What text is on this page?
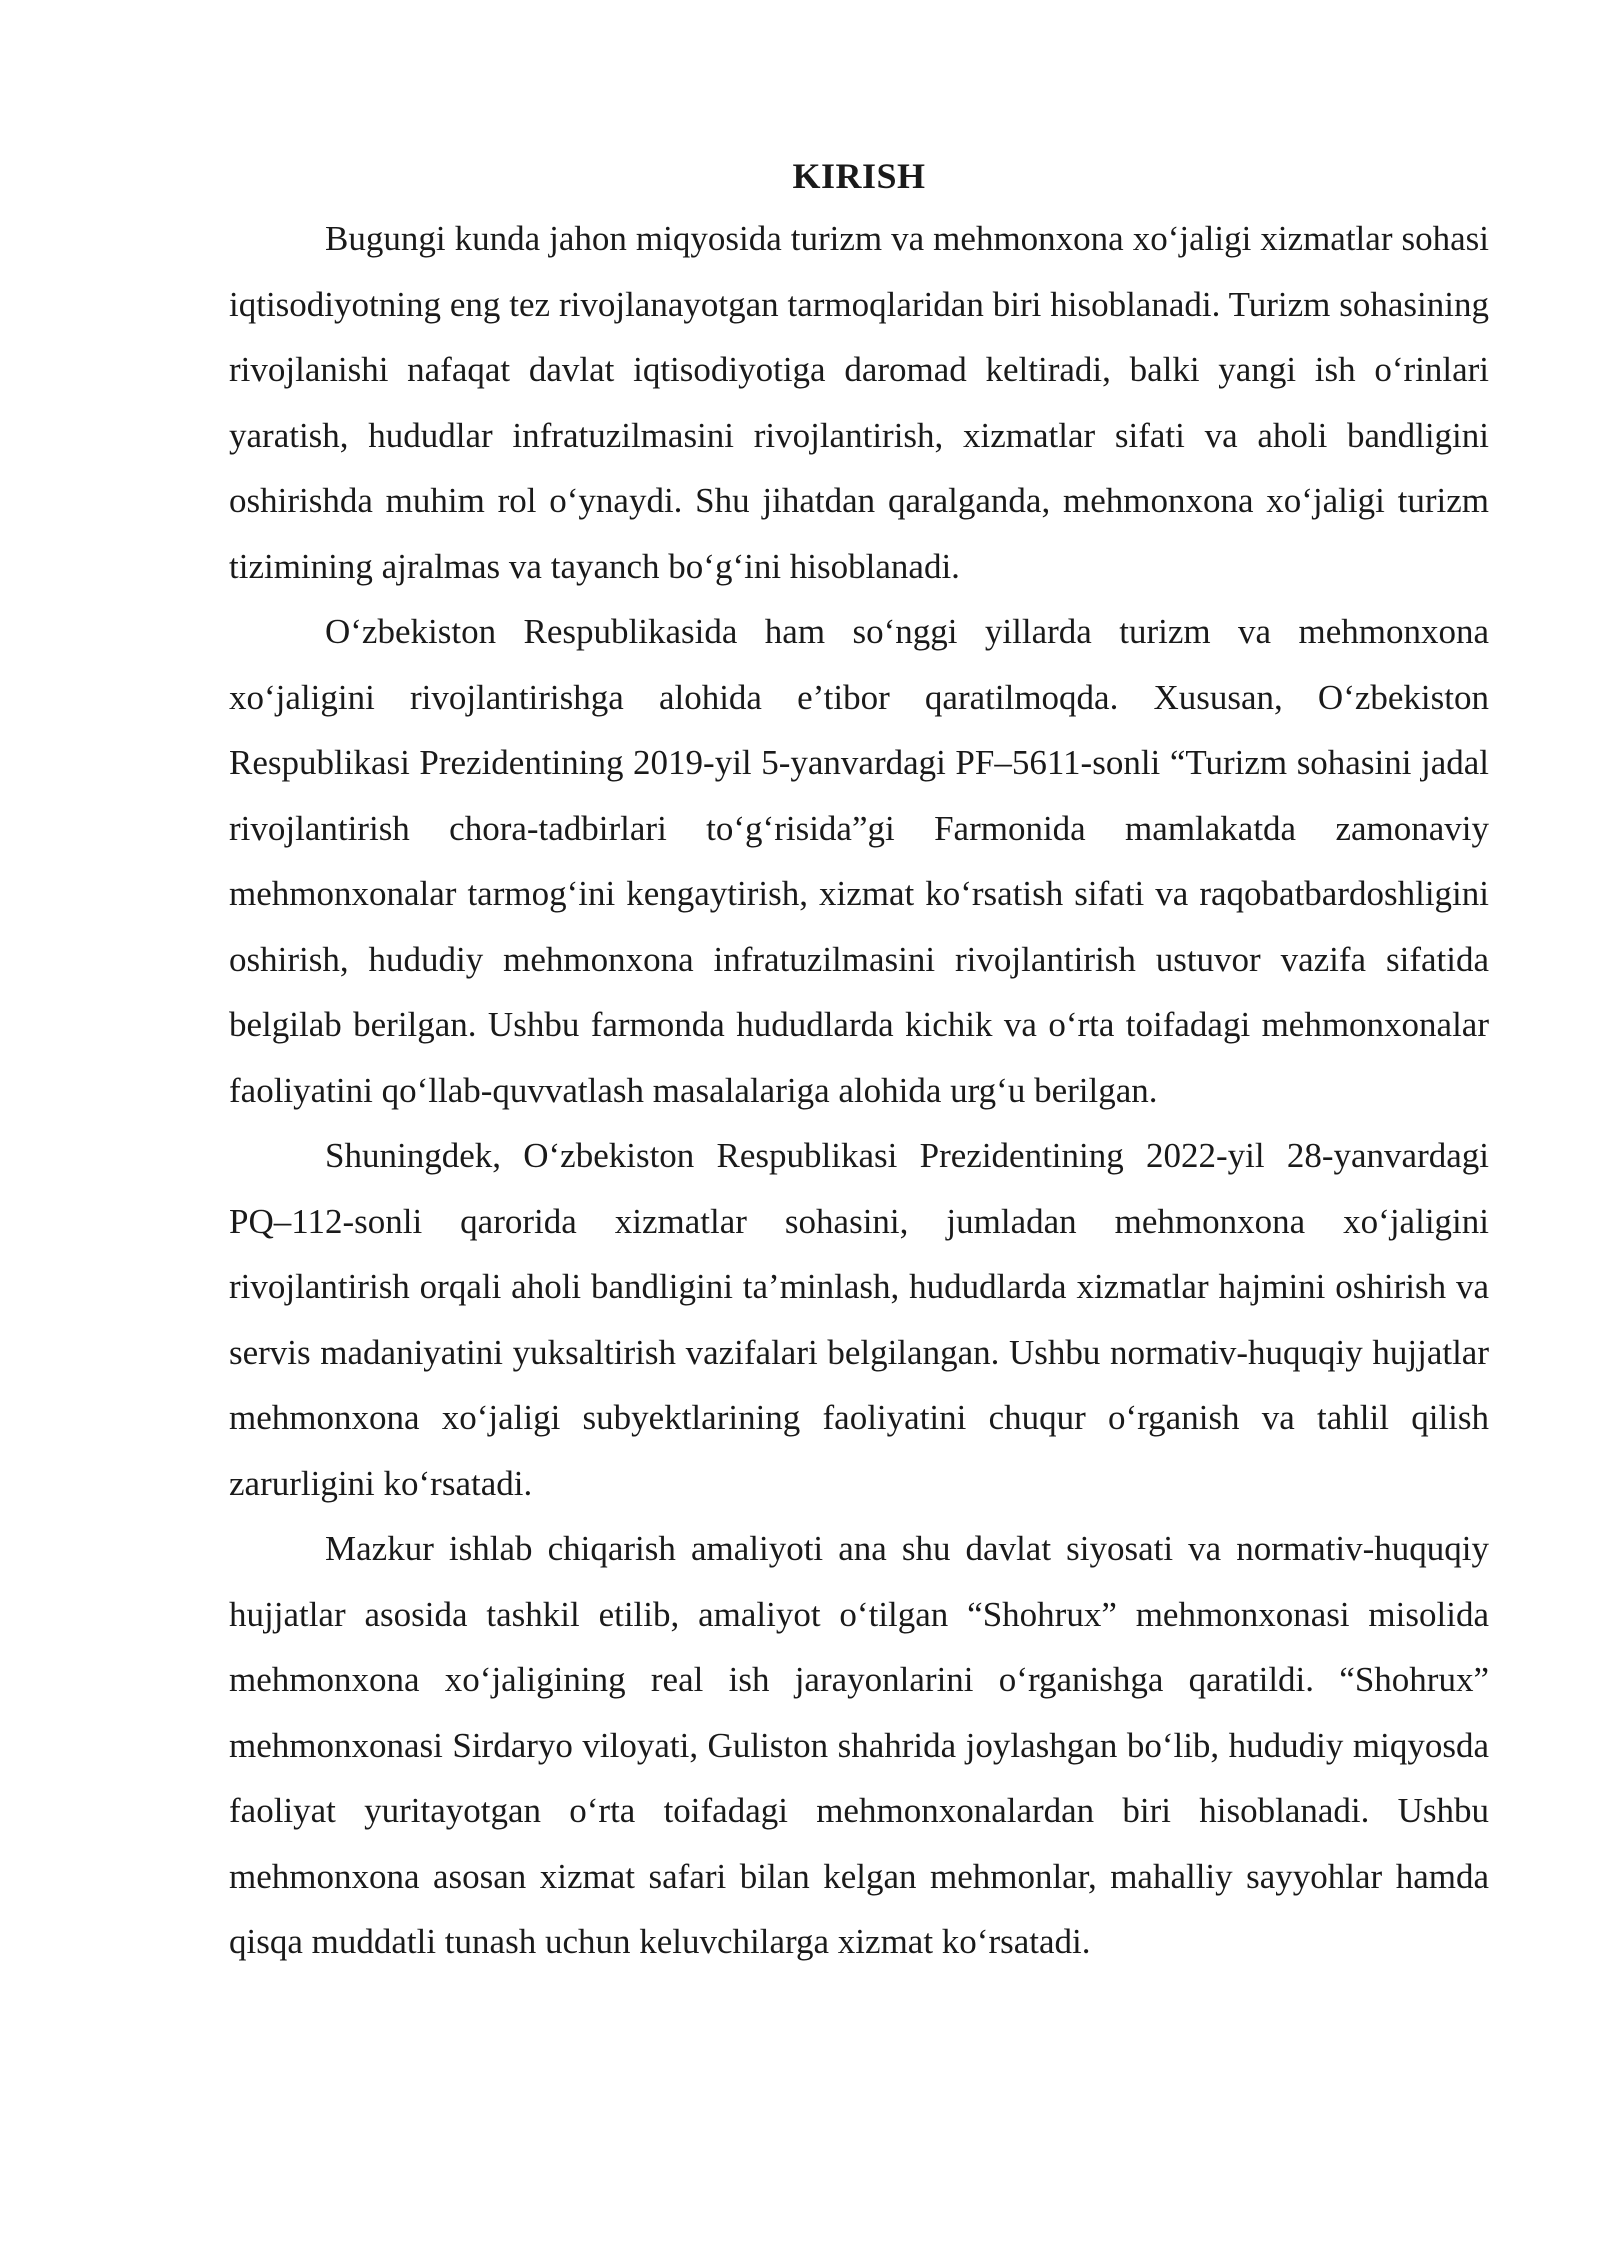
KIRISH

Bugungi kunda jahon miqyosida turizm va mehmonxona xo‘jaligi xizmatlar sohasi iqtisodiyotning eng tez rivojlanayotgan tarmoqlaridan biri hisoblanadi. Turizm sohasining rivojlanishi nafaqat davlat iqtisodiyotiga daromad keltiradi, balki yangi ish o‘rinlari yaratish, hududlar infratuzilmasini rivojlantirish, xizmatlar sifati va aholi bandligini oshirishda muhim rol o‘ynaydi. Shu jihatdan qaralganda, mehmonxona xo‘jaligi turizm tizimining ajralmas va tayanch bo‘g‘ini hisoblanadi.

O‘zbekiston Respublikasida ham so‘nggi yillarda turizm va mehmonxona xo‘jaligini rivojlantirishga alohida e’tibor qaratilmoqda. Xususan, O‘zbekiston Respublikasi Prezidentining 2019-yil 5-yanvardagi PF–5611-sonli “Turizm sohasini jadal rivojlantirish chora-tadbirlari to‘g‘risida”gi Farmonida mamlakatda zamonaviy mehmonxonalar tarmog‘ini kengaytirish, xizmat ko‘rsatish sifati va raqobatbardoshligini oshirish, hududiy mehmonxona infratuzilmasini rivojlantirish ustuvor vazifa sifatida belgilab berilgan. Ushbu farmonda hududlarda kichik va o‘rta toifadagi mehmonxonalar faoliyatini qo‘llab-quvvatlash masalalariga alohida urg‘u berilgan.

Shuningdek, O‘zbekiston Respublikasi Prezidentining 2022-yil 28-yanvardagi PQ–112-sonli qarorida xizmatlar sohasini, jumladan mehmonxona xo‘jaligini rivojlantirish orqali aholi bandligini ta’minlash, hududlarda xizmatlar hajmini oshirish va servis madaniyatini yuksaltirish vazifalari belgilangan. Ushbu normativ-huquqiy hujjatlar mehmonxona xo‘jaligi subyektlarining faoliyatini chuqur o‘rganish va tahlil qilish zarurligini ko‘rsatadi.

Mazkur ishlab chiqarish amaliyoti ana shu davlat siyosati va normativ-huquqiy hujjatlar asosida tashkil etilib, amaliyot o‘tilgan “Shohrux” mehmonxonasi misolida mehmonxona xo‘jaligining real ish jarayonlarini o‘rganishga qaratildi. “Shohrux” mehmonxonasi Sirdaryo viloyati, Guliston shahrida joylashgan bo‘lib, hududiy miqyosda faoliyat yuritayotgan o‘rta toifadagi mehmonxonalardan biri hisoblanadi. Ushbu mehmonxona asosan xizmat safari bilan kelgan mehmonlar, mahalliy sayyohlar hamda qisqa muddatli tunash uchun keluvchilarga xizmat ko‘rsatadi.
